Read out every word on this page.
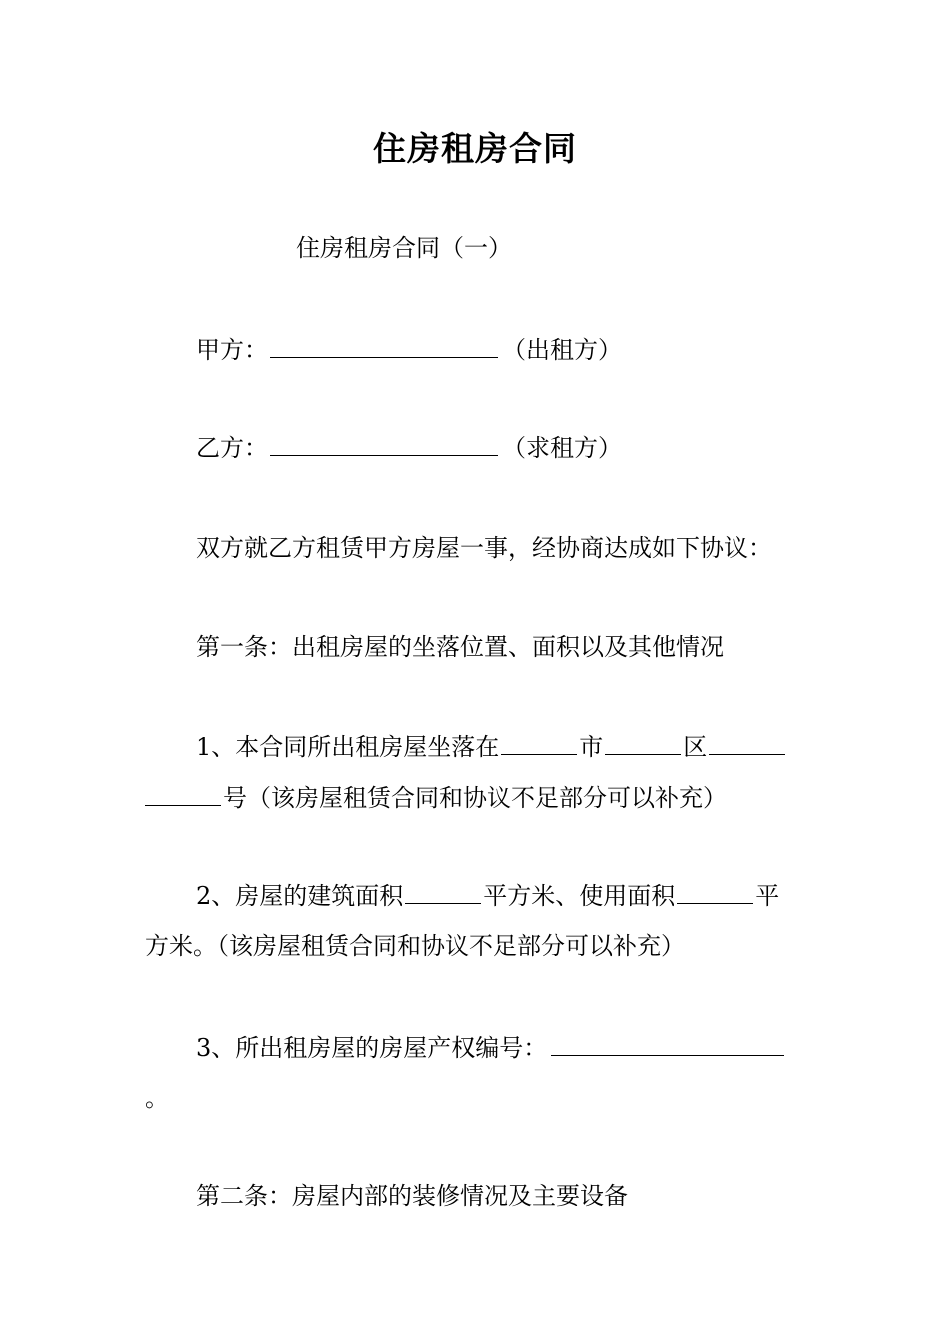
住房租房合同
住房租房合同（一）
甲方：	（出租方）
乙方：	（求租方）
双方就乙方租赁甲方房屋一事，经协商达成如下协议：
第一条：出租房屋的坐落位置、面积以及其他情况
1、本合同所出租房屋坐落在	市	区
号（该房屋租赁合同和协议不足部分可以补充）
2、房屋的建筑面积	平方米、使用面积	平
方米。（该房屋租赁合同和协议不足部分可以补充）
3、所出租房屋的房屋产权编号：
。
第二条：房屋内部的装修情况及主要设备
